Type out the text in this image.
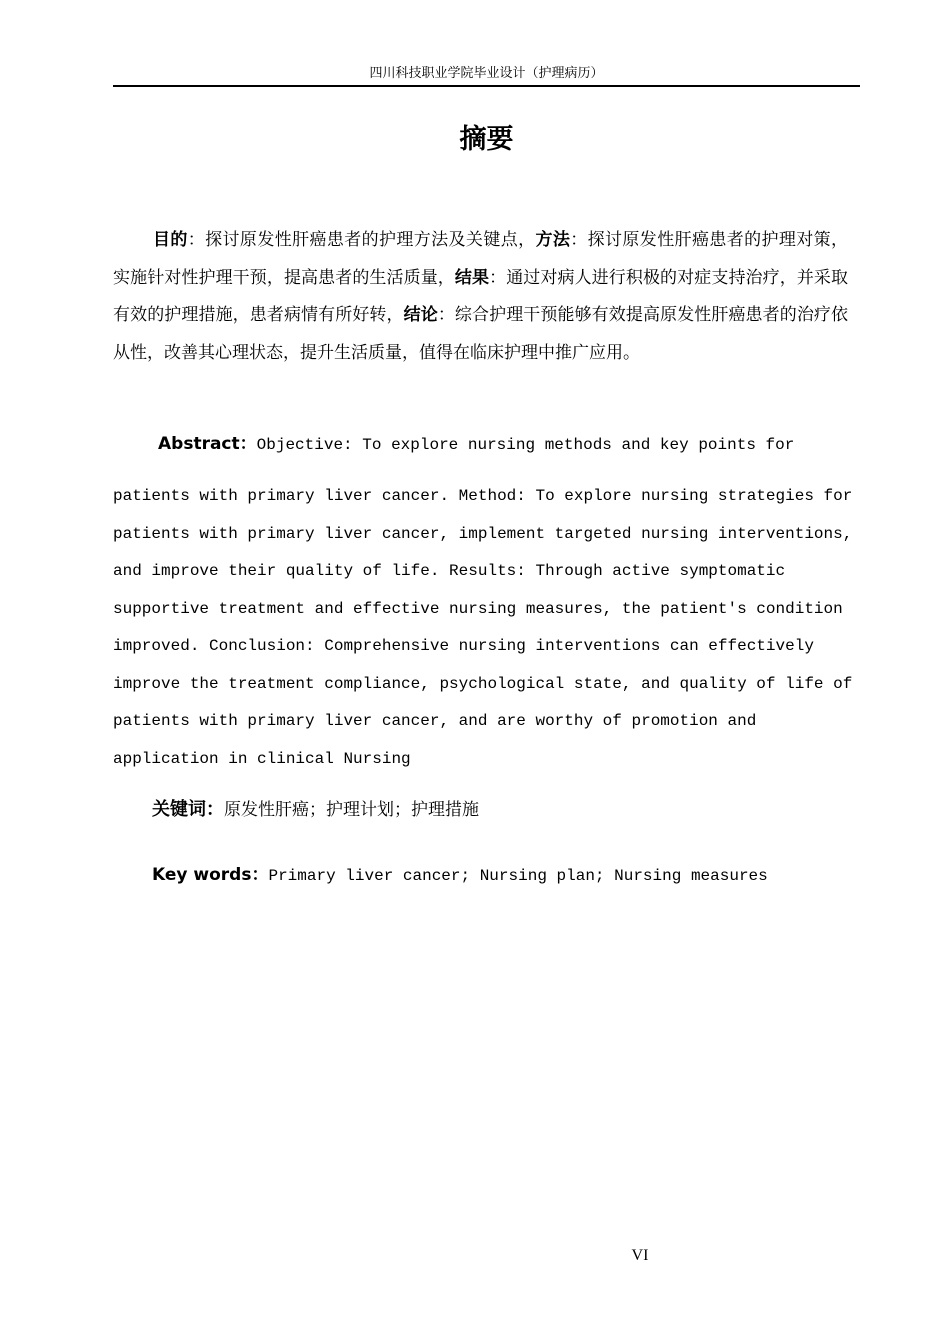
四川科技职业学院毕业设计（护理病历）
摘要

目的：探讨原发性肝癌患者的护理方法及关键点，方法：探讨原发性肝癌患者的护理对策，实施针对性护理干预，提高患者的生活质量，结果：通过对病人进行积极的对症支持治疗，并采取有效的护理措施，患者病情有所好转，结论：综合护理干预能够有效提高原发性肝癌患者的治疗依从性，改善其心理状态，提升生活质量，值得在临床护理中推广应用。

Abstract：Objective: To explore nursing methods and key points for
patients with primary liver cancer. Method: To explore nursing strategies for
patients with primary liver cancer, implement targeted nursing interventions,
and improve their quality of life. Results: Through active symptomatic
supportive treatment and effective nursing measures, the patient's condition
improved. Conclusion: Comprehensive nursing interventions can effectively
improve the treatment compliance, psychological state, and quality of life of
patients with primary liver cancer, and are worthy of promotion and
application in clinical Nursing
关键词：原发性肝癌；护理计划；护理措施
Key words：Primary liver cancer; Nursing plan; Nursing measures
VI
